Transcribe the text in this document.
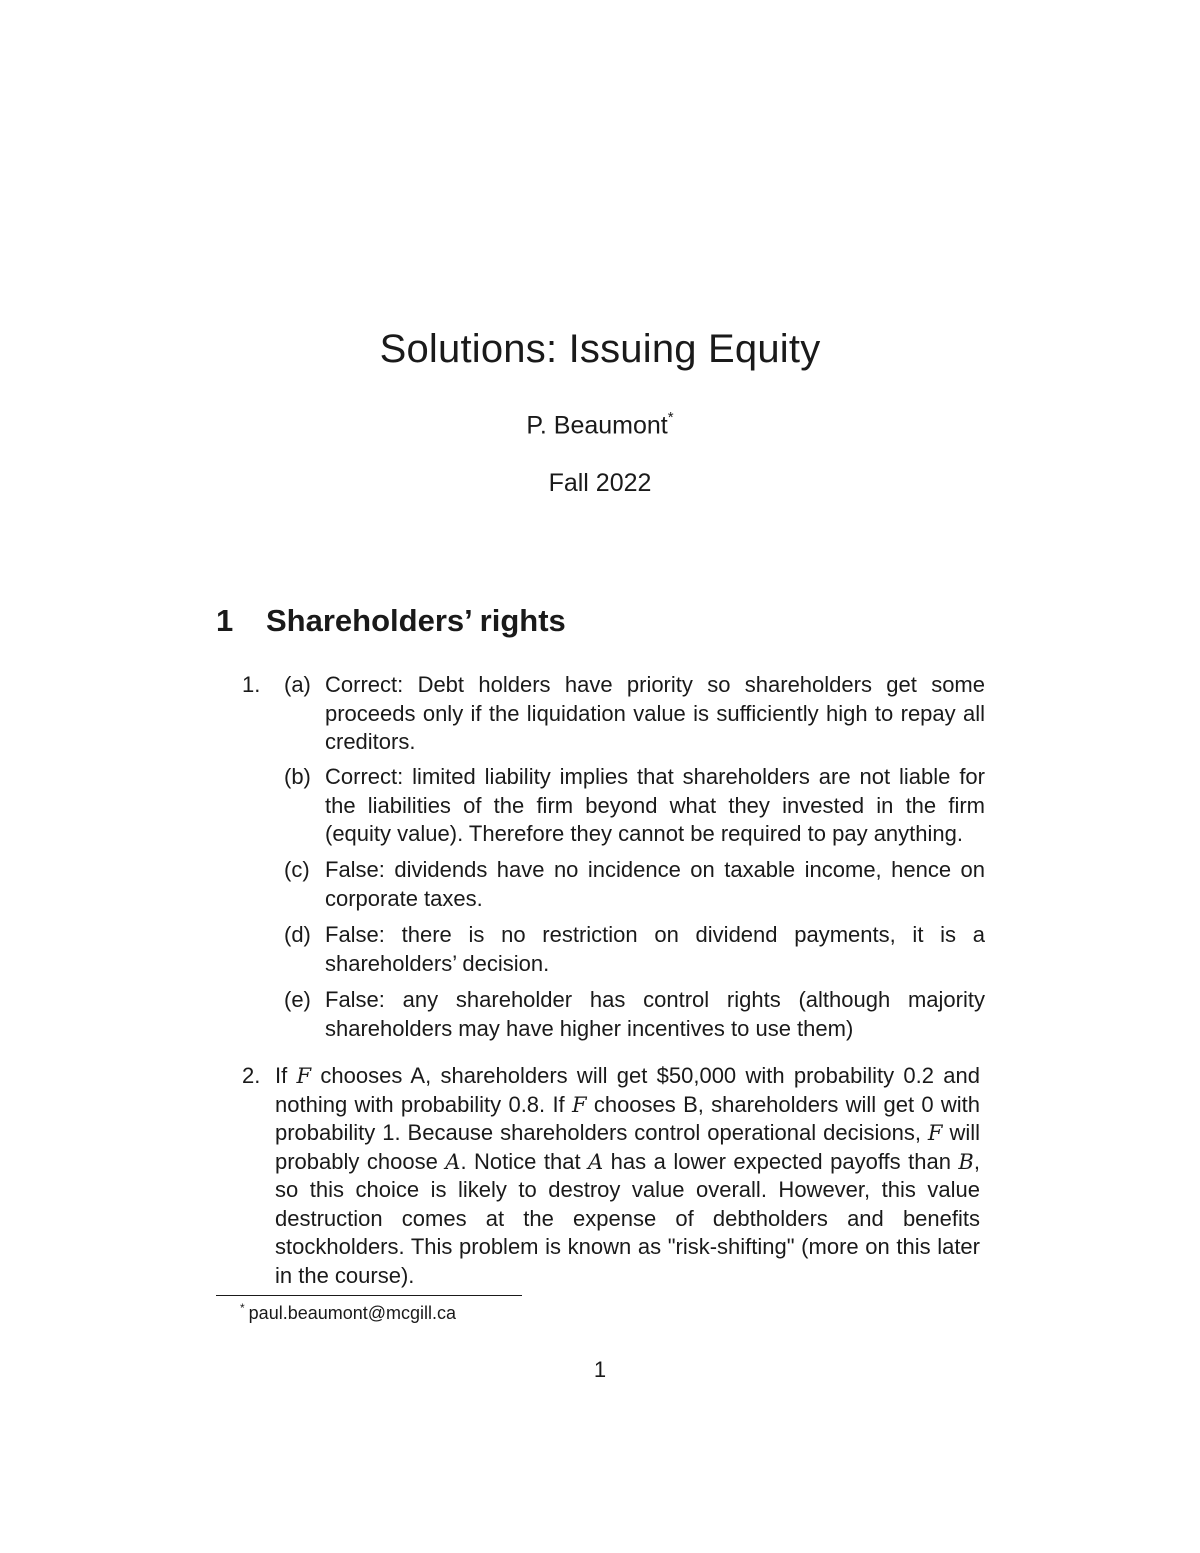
Solutions: Issuing Equity
P. Beaumont*
Fall 2022
1 Shareholders’ rights
1. (a) Correct: Debt holders have priority so shareholders get some proceeds only if the liquidation value is sufficiently high to repay all creditors.
(b) Correct: limited liability implies that shareholders are not liable for the liabilities of the firm beyond what they invested in the firm (equity value). Therefore they cannot be required to pay anything.
(c) False: dividends have no incidence on taxable income, hence on corporate taxes.
(d) False: there is no restriction on dividend payments, it is a shareholders’ decision.
(e) False: any shareholder has control rights (although majority shareholders may have higher incentives to use them)
2. If F chooses A, shareholders will get $50,000 with probability 0.2 and nothing with probability 0.8. If F chooses B, shareholders will get 0 with probability 1. Because shareholders control operational decisions, F will probably choose A. Notice that A has a lower expected payoffs than B, so this choice is likely to destroy value overall. However, this value destruction comes at the expense of debtholders and benefits stockholders. This problem is known as "risk-shifting" (more on this later in the course).
* paul.beaumont@mcgill.ca
1
